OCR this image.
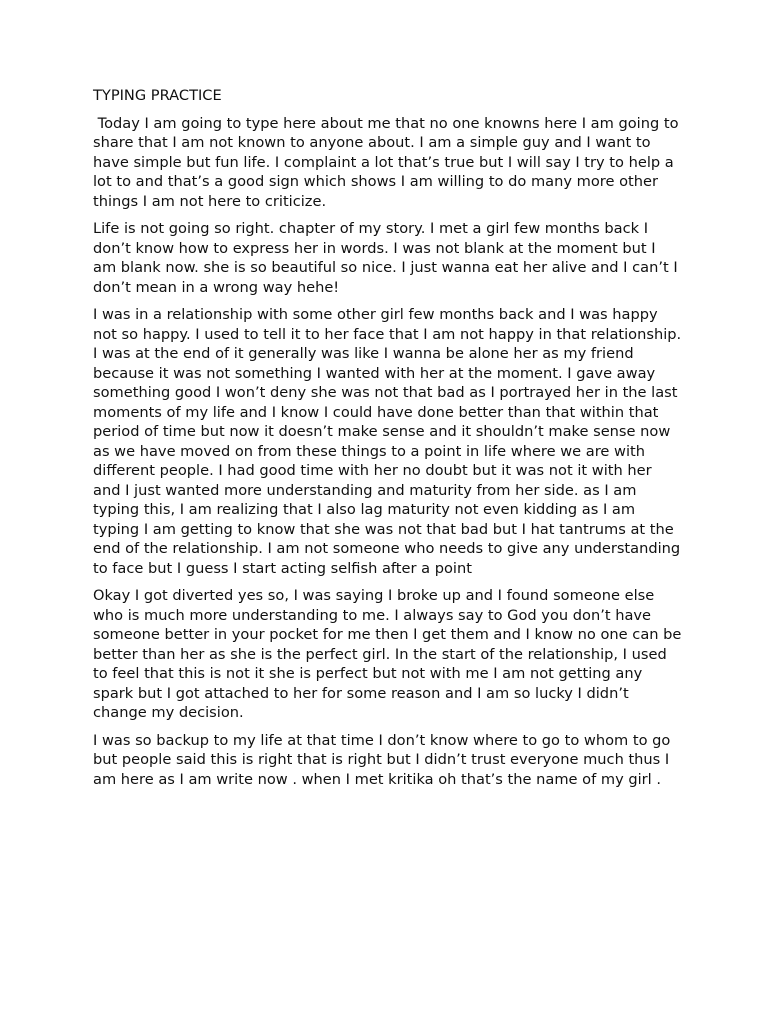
TYPING PRACTICE

Today I am going to type here about me that no one knowns here I am going to share that I am not known to anyone about. I am a simple guy and I want to have simple but fun life. I complaint a lot that’s true but I will say I try to help a lot to and that’s a good sign which shows I am willing to do many more other things I am not here to criticize.

Life is not going so right. chapter of my story. I met a girl few months back I don’t know how to express her in words. I was not blank at the moment but I am blank now. she is so beautiful so nice. I just wanna eat her alive and I can’t I don’t mean in a wrong way hehe!

I was in a relationship with some other girl few months back and I was happy not so happy. I used to tell it to her face that I am not happy in that relationship. I was at the end of it generally was like I wanna be alone her as my friend because it was not something I wanted with her at the moment. I gave away something good I won’t deny she was not that bad as I portrayed her in the last moments of my life and I know I could have done better than that within that period of time but now it doesn’t make sense and it shouldn’t make sense now as we have moved on from these things to a point in life where we are with different people. I had good time with her no doubt but it was not it with her and I just wanted more understanding and maturity from her side. as I am typing this, I am realizing that I also lag maturity not even kidding as I am typing I am getting to know that she was not that bad but I hat tantrums at the end of the relationship. I am not someone who needs to give any understanding to face but I guess I start acting selfish after a point

Okay I got diverted yes so, I was saying I broke up and I found someone else who is much more understanding to me. I always say to God you don’t have someone better in your pocket for me then I get them and I know no one can be better than her as she is the perfect girl. In the start of the relationship, I used to feel that this is not it she is perfect but not with me I am not getting any spark but I got attached to her for some reason and I am so lucky I didn’t change my decision.

I was so backup to my life at that time I don’t know where to go to whom to go but people said this is right that is right but I didn’t trust everyone much thus I am here as I am write now . when I met kritika oh that’s the name of my girl .
